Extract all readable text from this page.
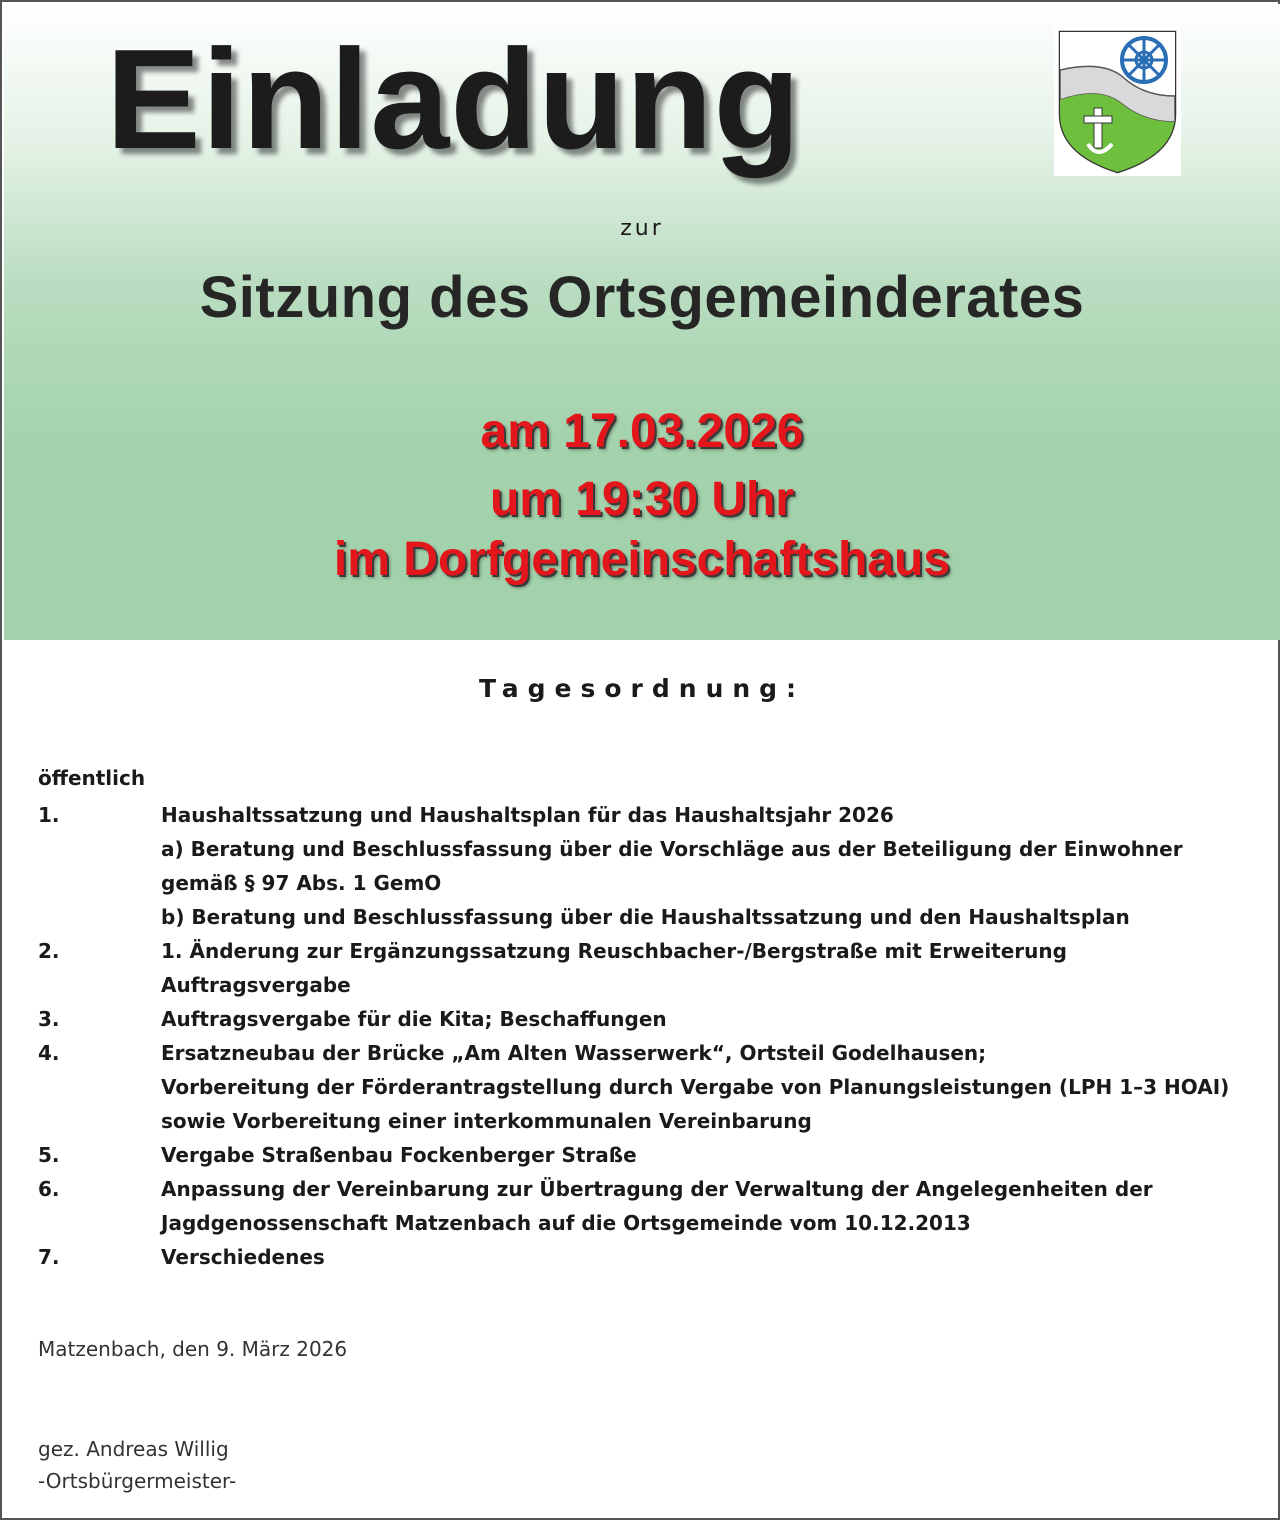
Einladung
zur
Sitzung des Ortsgemeinderates
am 17.03.2026
um 19:30 Uhr
im Dorfgemeinschaftshaus
Tagesordnung:
öffentlich
1.	Haushaltssatzung und Haushaltsplan für das Haushaltsjahr 2026
a) Beratung und Beschlussfassung über die Vorschläge aus der Beteiligung der Einwohner
gemäß § 97 Abs. 1 GemO
b) Beratung und Beschlussfassung über die Haushaltssatzung und den Haushaltsplan
2.	1. Änderung zur Ergänzungssatzung Reuschbacher-/Bergstraße mit Erweiterung
Auftragsvergabe
3.	Auftragsvergabe für die Kita; Beschaffungen
4.	Ersatzneubau der Brücke „Am Alten Wasserwerk“, Ortsteil Godelhausen;
Vorbereitung der Förderantragstellung durch Vergabe von Planungsleistungen (LPH 1–3 HOAI)
sowie Vorbereitung einer interkommunalen Vereinbarung
5.	Vergabe Straßenbau Fockenberger Straße
6.	Anpassung der Vereinbarung zur Übertragung der Verwaltung der Angelegenheiten der
Jagdgenossenschaft Matzenbach auf die Ortsgemeinde vom 10.12.2013
7.	Verschiedenes
Matzenbach, den 9. März 2026
gez. Andreas Willig
-Ortsbürgermeister-
